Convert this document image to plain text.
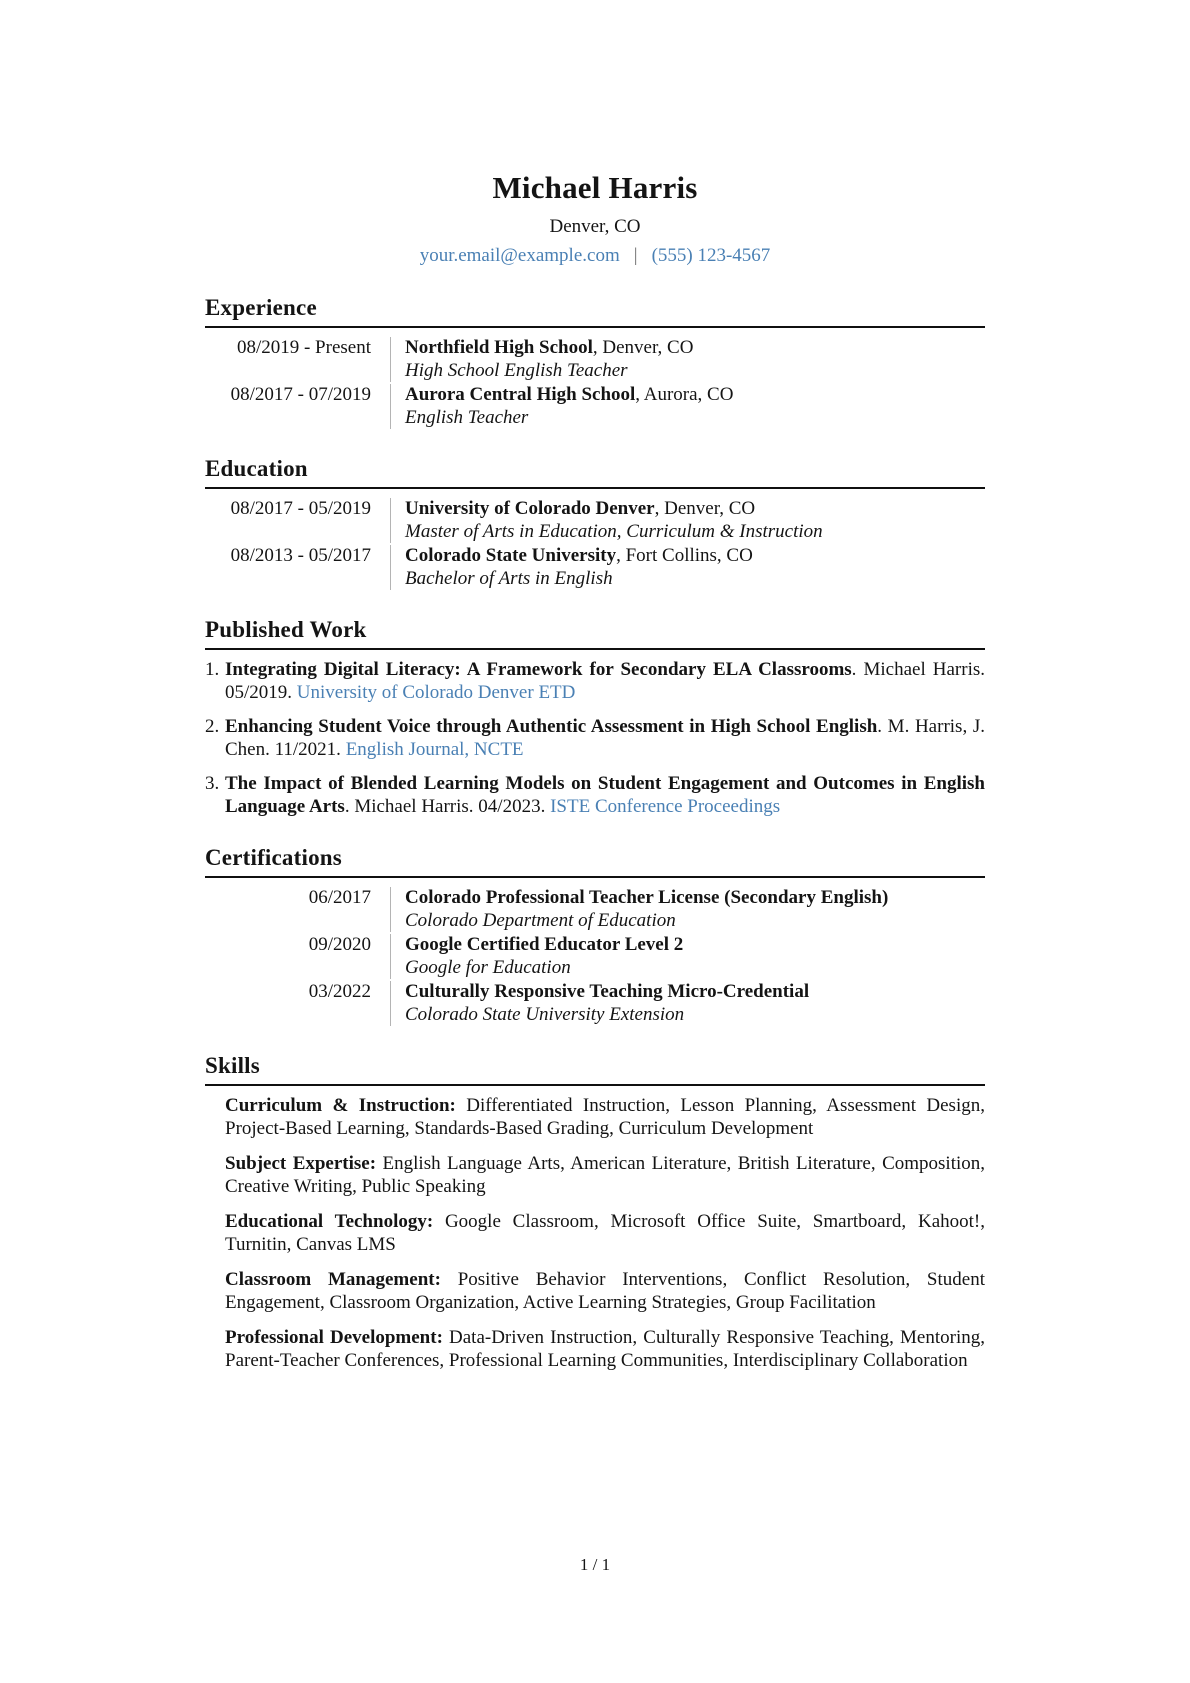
Michael Harris
Denver, CO
your.email@example.com | (555) 123-4567
Experience
08/2019 - Present Northfield High School, Denver, CO
High School English Teacher
08/2017 - 07/2019 Aurora Central High School, Aurora, CO
English Teacher
Education
08/2017 - 05/2019 University of Colorado Denver, Denver, CO
Master of Arts in Education, Curriculum & Instruction
08/2013 - 05/2017 Colorado State University, Fort Collins, CO
Bachelor of Arts in English
Published Work
1. Integrating Digital Literacy: A Framework for Secondary ELA Classrooms. Michael Harris. 05/2019. University of Colorado Denver ETD
2. Enhancing Student Voice through Authentic Assessment in High School English. M. Harris, J. Chen. 11/2021. English Journal, NCTE
3. The Impact of Blended Learning Models on Student Engagement and Outcomes in English Language Arts. Michael Harris. 04/2023. ISTE Conference Proceedings
Certifications
06/2017 Colorado Professional Teacher License (Secondary English)
Colorado Department of Education
09/2020 Google Certified Educator Level 2
Google for Education
03/2022 Culturally Responsive Teaching Micro-Credential
Colorado State University Extension
Skills
Curriculum & Instruction: Differentiated Instruction, Lesson Planning, Assessment Design, Project-Based Learning, Standards-Based Grading, Curriculum Development
Subject Expertise: English Language Arts, American Literature, British Literature, Composition, Creative Writing, Public Speaking
Educational Technology: Google Classroom, Microsoft Office Suite, Smartboard, Kahoot!, Turnitin, Canvas LMS
Classroom Management: Positive Behavior Interventions, Conflict Resolution, Student Engagement, Classroom Organization, Active Learning Strategies, Group Facilitation
Professional Development: Data-Driven Instruction, Culturally Responsive Teaching, Mentoring, Parent-Teacher Conferences, Professional Learning Communities, Interdisciplinary Collaboration
1 / 1
